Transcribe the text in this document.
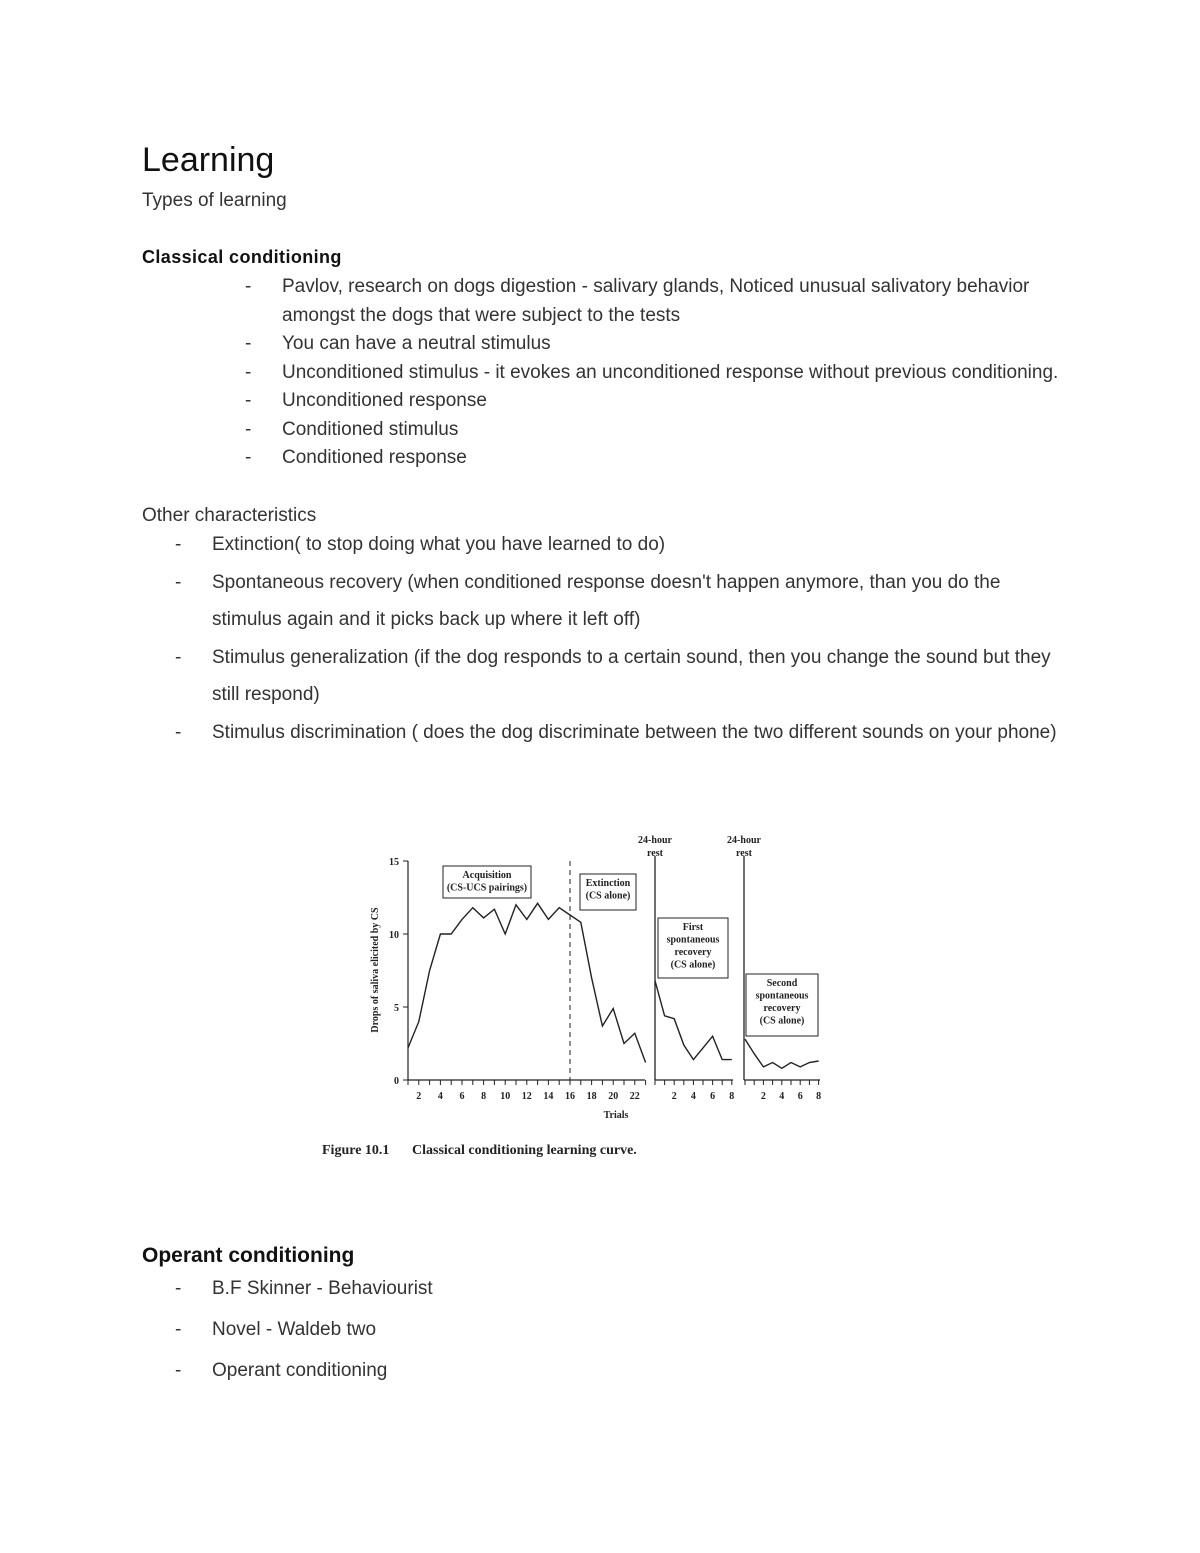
Learning
Types of learning
Classical conditioning
- Pavlov, research on dogs digestion - salivary glands, Noticed unusual salivatory behavior amongst the dogs that were subject to the tests
- You can have a neutral stimulus
- Unconditioned stimulus - it evokes an unconditioned response without previous conditioning.
- Unconditioned response
- Conditioned stimulus
- Conditioned response
Other characteristics
- Extinction( to stop doing what you have learned to do)
- Spontaneous recovery (when conditioned response doesn't happen anymore, than you do the stimulus again and it picks back up where it left off)
- Stimulus generalization (if the dog responds to a certain sound, then you change the sound but they still respond)
- Stimulus discrimination ( does the dog discriminate between the two different sounds on your phone)
0
5
10
15
Drops of saliva elicited by CS
2 4 6 8 10 12 14 16 18 20 22
Acquisition
(CS-UCS pairings)	Extinction
(CS alone)
2 4 6 8
24-hour
rest
First
spontaneous
recovery
(CS alone)
2 4 6 8
24-hour
rest
Second
spontaneous
recovery
(CS alone)
Trials
Figure 10.1 Classical conditioning learning curve.
Operant conditioning
- B.F Skinner - Behaviourist
- Novel - Waldeb two
- Operant conditioning
